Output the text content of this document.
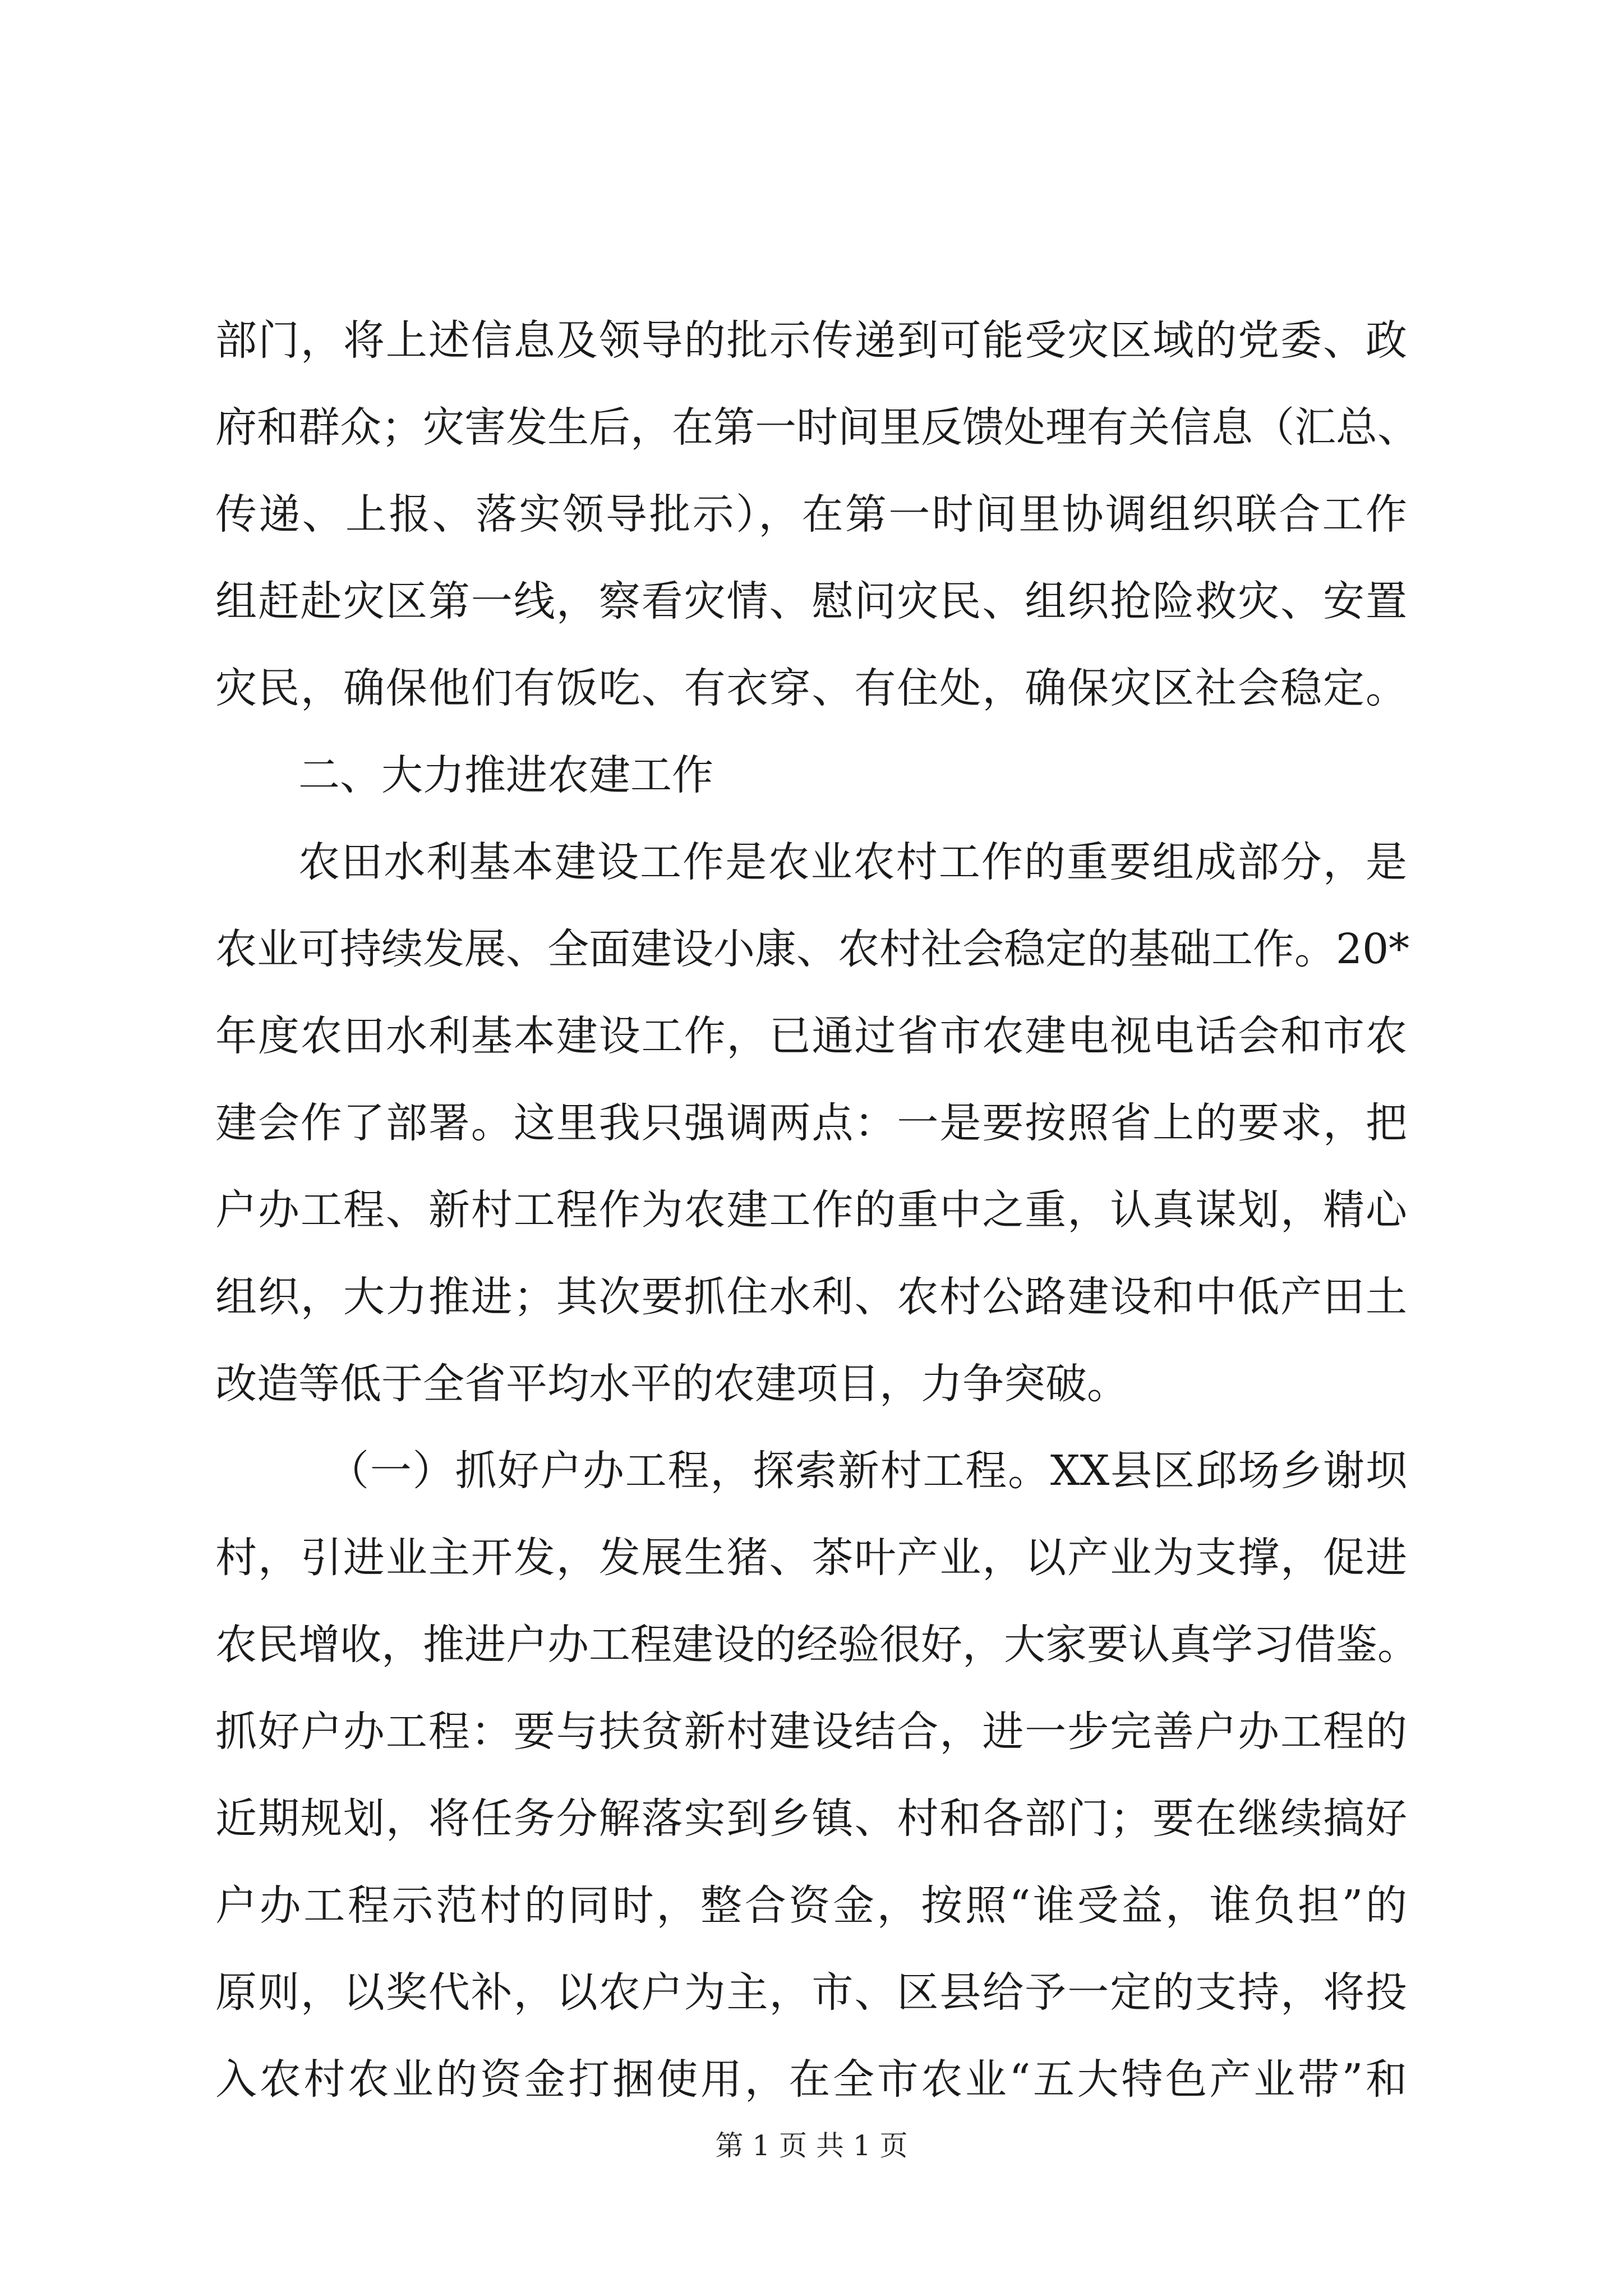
部门，将上述信息及领导的批示传递到可能受灾区域的党委、政
府和群众；灾害发生后，在第一时间里反馈处理有关信息（汇总、
传递、上报、落实领导批示），在第一时间里协调组织联合工作
组赶赴灾区第一线，察看灾情、慰问灾民、组织抢险救灾、安置
灾民，确保他们有饭吃、有衣穿、有住处，确保灾区社会稳定。
二、大力推进农建工作
农田水利基本建设工作是农业农村工作的重要组成部分，是
农业可持续发展、全面建设小康、农村社会稳定的基础工作。20*
年度农田水利基本建设工作，已通过省市农建电视电话会和市农
建会作了部署。这里我只强调两点：一是要按照省上的要求，把
户办工程、新村工程作为农建工作的重中之重，认真谋划，精心
组织，大力推进；其次要抓住水利、农村公路建设和中低产田土
改造等低于全省平均水平的农建项目，力争突破。
（一）抓好户办工程，探索新村工程。XX县区邱场乡谢坝
村，引进业主开发，发展生猪、茶叶产业，以产业为支撑，促进
农民增收，推进户办工程建设的经验很好，大家要认真学习借鉴。
抓好户办工程：要与扶贫新村建设结合，进一步完善户办工程的
近期规划，将任务分解落实到乡镇、村和各部门；要在继续搞好
户办工程示范村的同时，整合资金，按照“谁受益，谁负担”的
原则，以奖代补，以农户为主，市、区县给予一定的支持，将投
入农村农业的资金打捆使用，在全市农业“五大特色产业带”和
第 1 页 共 1 页
